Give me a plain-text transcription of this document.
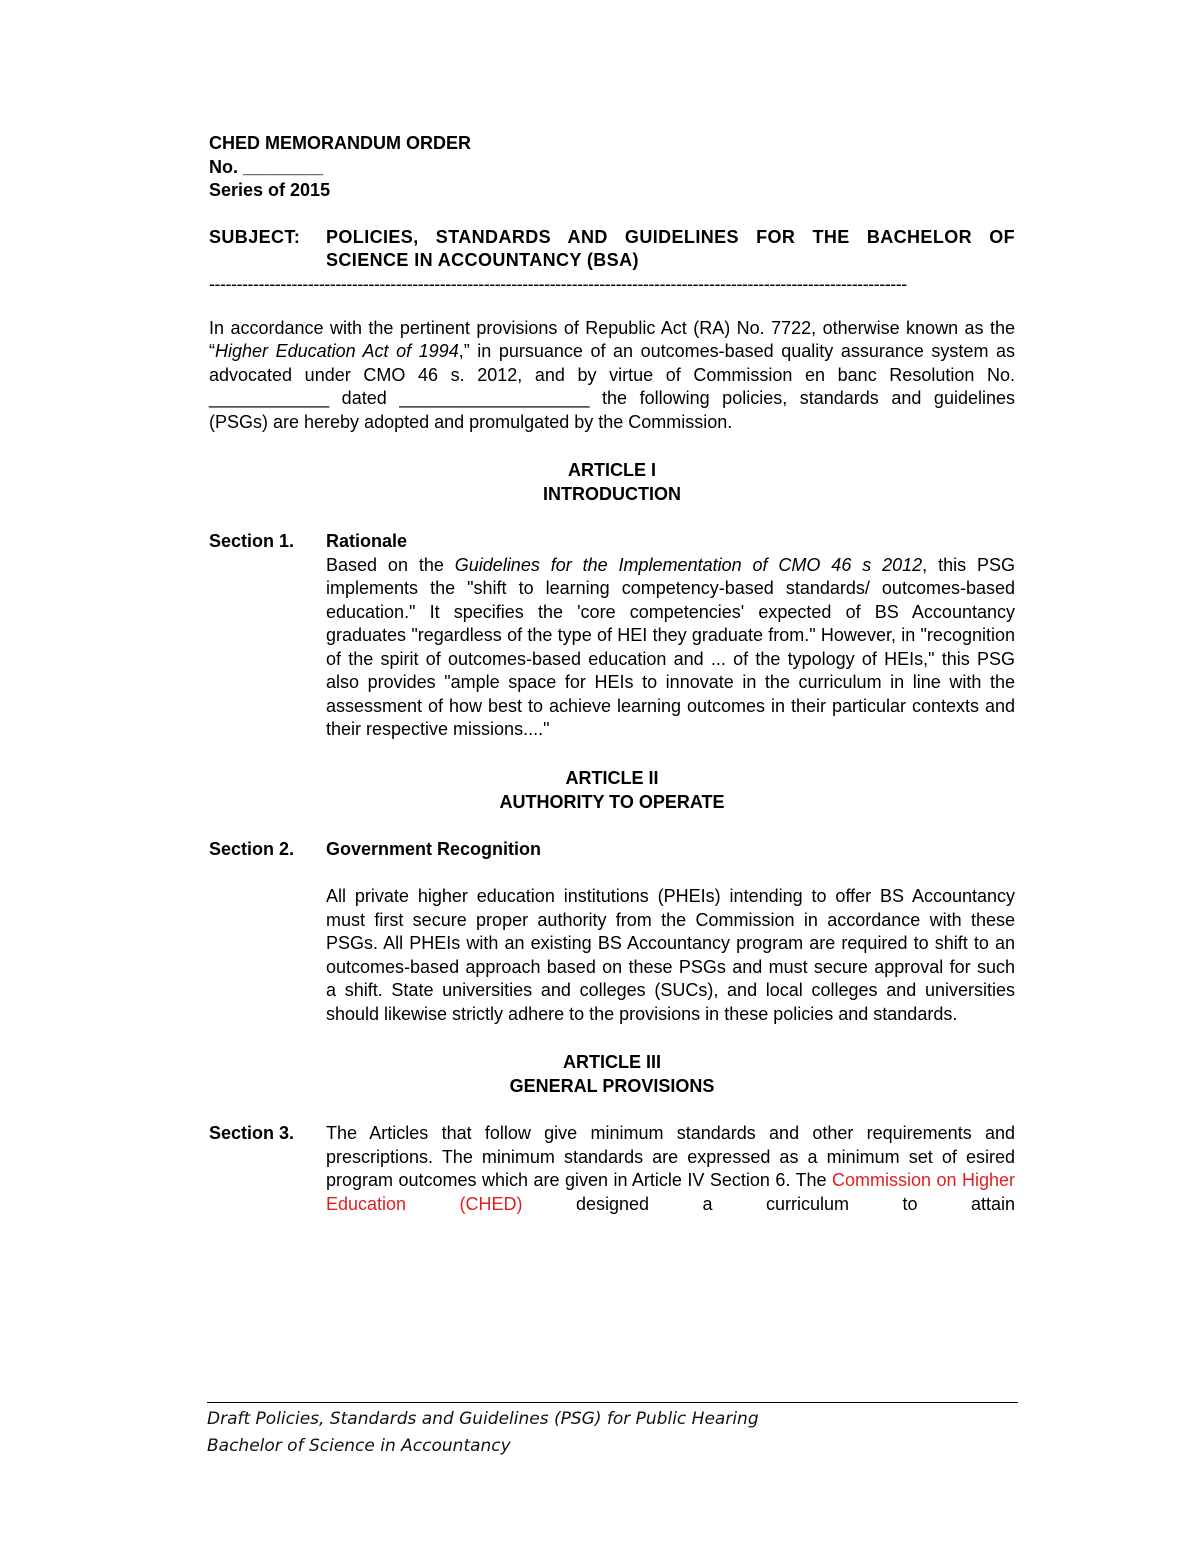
CHED MEMORANDUM ORDER
No. ________
Series of 2015
SUBJECT:	POLICIES, STANDARDS AND GUIDELINES FOR THE BACHELOR OF SCIENCE IN ACCOUNTANCY (BSA)
-------------------------------------------------------------------------------------------------------------------------------
In accordance with the pertinent provisions of Republic Act (RA) No. 7722, otherwise known as the “Higher Education Act of 1994,” in pursuance of an outcomes-based quality assurance system as advocated under CMO 46 s. 2012, and by virtue of Commission en banc Resolution No. ____________ dated ___________________ the following policies, standards and guidelines (PSGs) are hereby adopted and promulgated by the Commission.
ARTICLE I
INTRODUCTION
Section 1. Rationale
Based on the Guidelines for the Implementation of CMO 46 s 2012, this PSG implements the "shift to learning competency-based standards/ outcomes-based education." It specifies the 'core competencies' expected of BS Accountancy graduates "regardless of the type of HEI they graduate from." However, in "recognition of the spirit of outcomes-based education and ... of the typology of HEIs," this PSG also provides "ample space for HEIs to innovate in the curriculum in line with the assessment of how best to achieve learning outcomes in their particular contexts and their respective missions...."
ARTICLE II
AUTHORITY TO OPERATE
Section 2. Government Recognition
All private higher education institutions (PHEIs) intending to offer BS Accountancy must first secure proper authority from the Commission in accordance with these PSGs. All PHEIs with an existing BS Accountancy program are required to shift to an outcomes-based approach based on these PSGs and must secure approval for such a shift. State universities and colleges (SUCs), and local colleges and universities should likewise strictly adhere to the provisions in these policies and standards.
ARTICLE III
GENERAL PROVISIONS
Section 3.	The Articles that follow give minimum standards and other requirements and prescriptions. The minimum standards are expressed as a minimum set of esired program outcomes which are given in Article IV Section 6. The Commission on Higher Education (CHED) designed a curriculum to attain
Draft Policies, Standards and Guidelines (PSG) for Public Hearing
Bachelor of Science in Accountancy
